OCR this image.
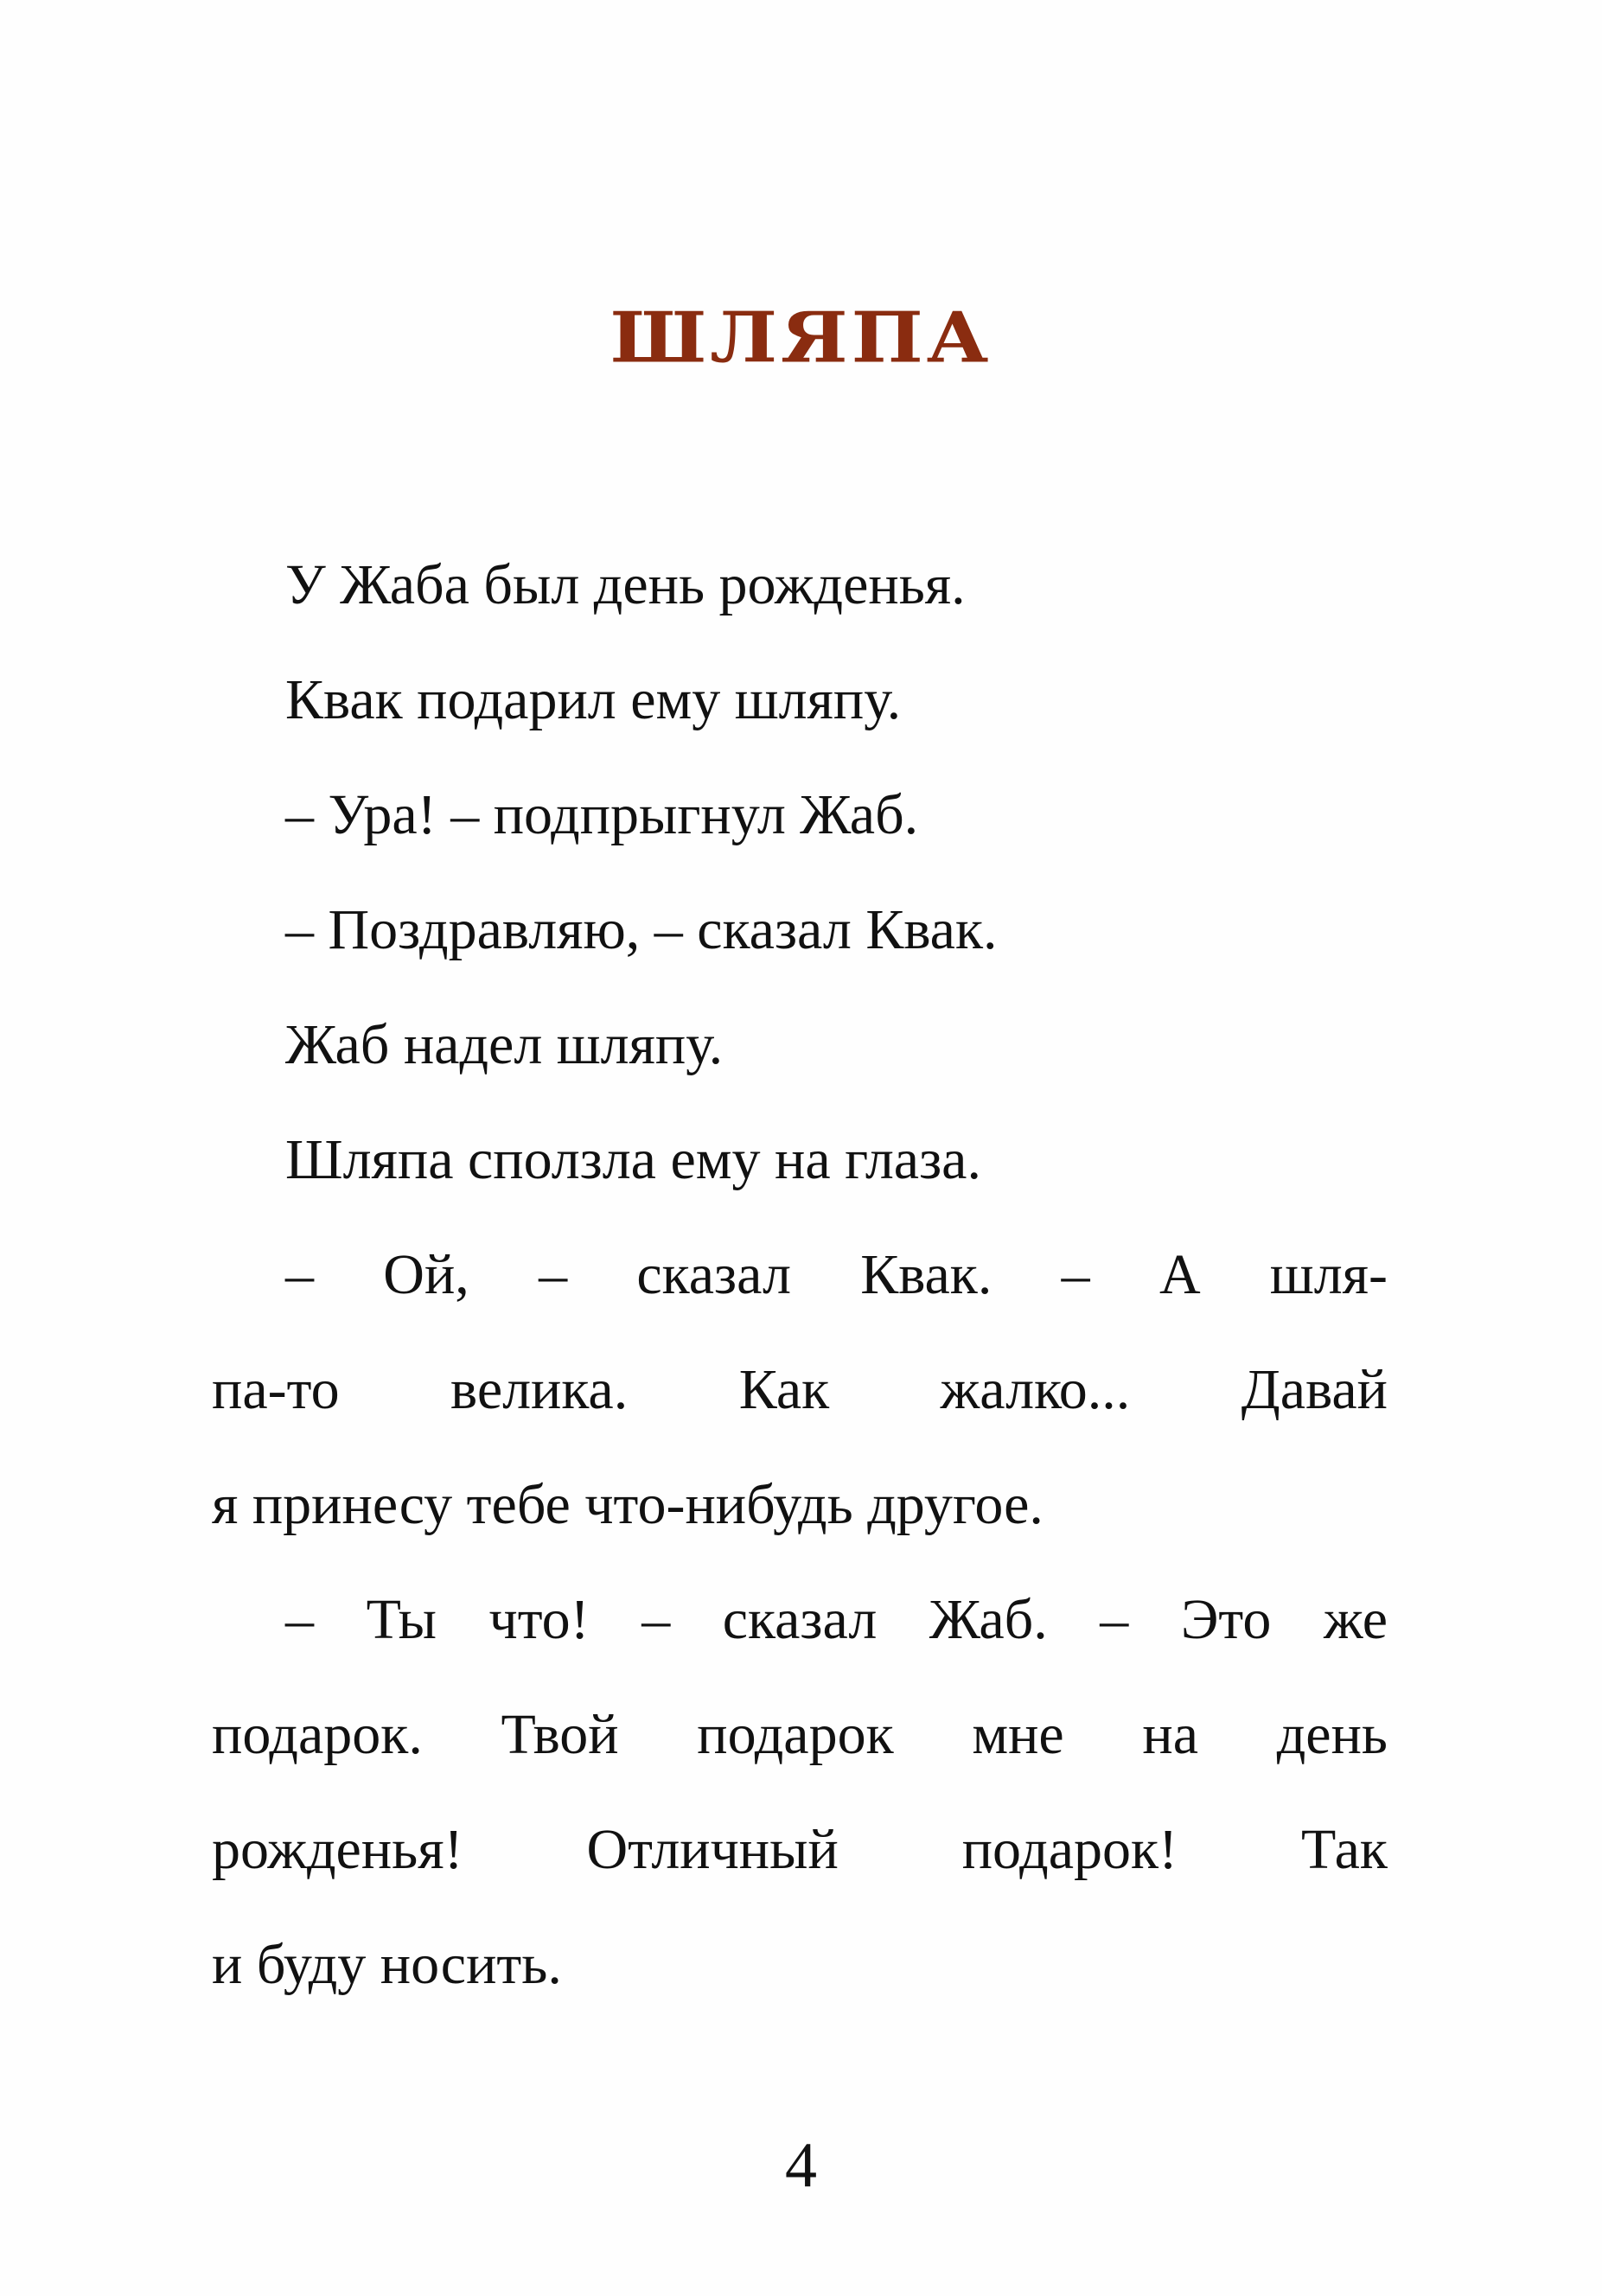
ШЛЯПА
У Жаба был день рожденья.
Квак подарил ему шляпу.
– Ура! – подпрыгнул Жаб.
– Поздравляю, – сказал Квак.
Жаб надел шляпу.
Шляпа сползла ему на глаза.
– Ой, – сказал Квак. – А шля-
па-то велика. Как жалко... Давай
я принесу тебе что-нибудь другое.
– Ты что! – сказал Жаб. – Это же
подарок. Твой подарок мне на день
рожденья! Отличный подарок! Так
и буду носить.
4
